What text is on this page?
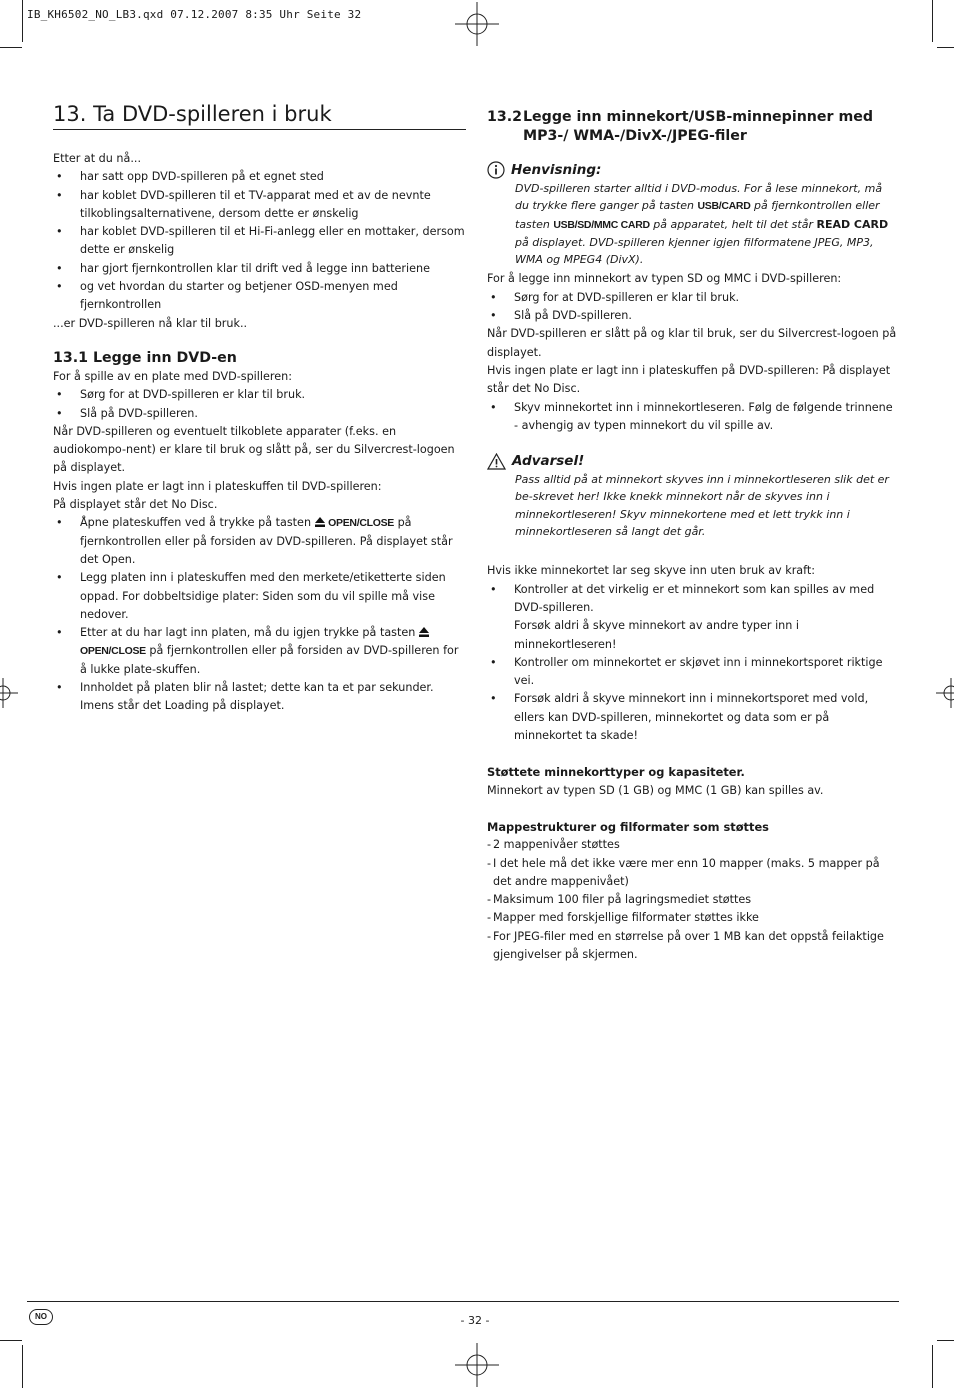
IB_KH6502_NO_LB3.qxd 07.12.2007 8:35 Uhr Seite 32
13. Ta DVD-spilleren i bruk

Etter at du nå...

• har satt opp DVD-spilleren på et egnet sted
• har koblet DVD-spilleren til et TV-apparat med et av de nevnte tilkoblingsalternativene, dersom dette er ønskelig
• har koblet DVD-spilleren til et Hi-Fi-anlegg eller en mottaker, dersom dette er ønskelig
• har gjort fjernkontrollen klar til drift ved å legge inn batteriene
• og vet hvordan du starter og betjener OSD-menyen med fjernkontrollen

...er DVD-spilleren nå klar til bruk..

13.1 Legge inn DVD-en

For å spille av en plate med DVD-spilleren:

• Sørg for at DVD-spilleren er klar til bruk.
• Slå på DVD-spilleren.

Når DVD-spilleren og eventuelt tilkoblete apparater (f.eks. en audiokompo-nent) er klare til bruk og slått på, ser du Silvercrest-logoen på displayet.

Hvis ingen plate er lagt inn i plateskuffen til DVD-spilleren:

På displayet står det No Disc.

• Åpne plateskuffen ved å trykke på tasten  OPEN/CLOSE på fjernkontrollen eller på forsiden av DVD-spilleren. På displayet står det Open.
• Legg platen inn i plateskuffen med den merkete/etiketterte siden oppad. For dobbeltsidige plater: Siden som du vil spille må vise nedover.
• Etter at du har lagt inn platen, må du igjen trykke på tasten  OPEN/CLOSE på fjernkontrollen eller på forsiden av DVD-spilleren for å lukke plate-skuffen.
• Innholdet på platen blir nå lastet; dette kan ta et par sekunder. Imens står det Loading på displayet.
13.2 Legge inn minnekort/USB-minnepinner med MP3-/ WMA-/DivX-/JPEG-filer
Henvisning:

DVD-spilleren starter alltid i DVD-modus. For å lese minnekort, må du trykke flere ganger på tasten USB/CARD på fjernkontrollen eller tasten USB/SD/MMC CARD på apparatet, helt til det står READ CARD på displayet. DVD-spilleren kjenner igjen filformatene JPEG, MP3, WMA og MPEG4 (DivX).

For å legge inn minnekort av typen SD og MMC i DVD-spilleren:

• Sørg for at DVD-spilleren er klar til bruk.
• Slå på DVD-spilleren.

Når DVD-spilleren er slått på og klar til bruk, ser du Silvercrest-logoen på displayet.

Hvis ingen plate er lagt inn i plateskuffen på DVD-spilleren: På displayet står det No Disc.

• Skyv minnekortet inn i minnekortleseren. Følg de følgende trinnene - avhengig av typen minnekort du vil spille av.
Advarsel!

Pass alltid på at minnekort skyves inn i minnekortleseren slik det er be-skrevet her! Ikke knekk minnekort når de skyves inn i minnekortleseren! Skyv minnekortene med et lett trykk inn i minnekortleseren så langt det går.

Hvis ikke minnekortet lar seg skyve inn uten bruk av kraft:

• Kontroller at det virkelig er et minnekort som kan spilles av med DVD-spilleren.
Forsøk aldri å skyve minnekort av andre typer inn i minnekortleseren!
• Kontroller om minnekortet er skjøvet inn i minnekortsporet riktige vei.
• Forsøk aldri å skyve minnekort inn i minnekortsporet med vold,
ellers kan DVD-spilleren, minnekortet og data som er på minnekortet ta skade!

Støttete minnekorttyper og kapasiteter.

Minnekort av typen SD (1 GB) og MMC (1 GB) kan spilles av.

Mappestrukturer og filformater som støttes

- 2 mappenivåer støttes
- I det hele må det ikke være mer enn 10 mapper (maks. 5 mapper på det andre mappenivået)
- Maksimum 100 filer på lagringsmediet støttes
- Mapper med forskjellige filformater støttes ikke
- For JPEG-filer med en størrelse på over 1 MB kan det oppstå feilaktige gjengivelser på skjermen.
NO	- 32 -
